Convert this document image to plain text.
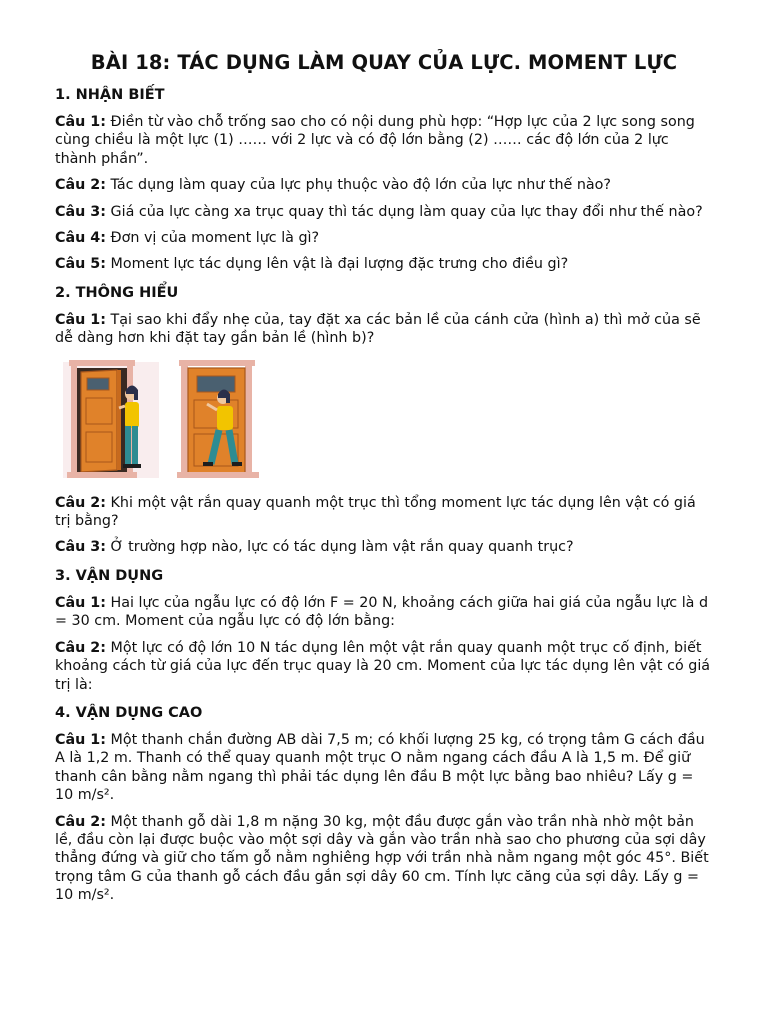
BÀI 18: TÁC DỤNG LÀM QUAY CỦA LỰC. MOMENT LỰC
1. NHẬN BIẾT

Câu 1: Điền từ vào chỗ trống sao cho có nội dung phù hợp: “Hợp lực của 2 lực song song cùng chiều là một lực (1) …… với 2 lực và có độ lớn bằng (2) …… các độ lớn của 2 lực thành phần”.

Câu 2: Tác dụng làm quay của lực phụ thuộc vào độ lớn của lực như thế nào?

Câu 3: Giá của lực càng xa trục quay thì tác dụng làm quay của lực thay đổi như thế nào?

Câu 4: Đơn vị của moment lực là gì?

Câu 5: Moment lực tác dụng lên vật là đại lượng đặc trưng cho điều gì?

2. THÔNG HIỂU

Câu 1: Tại sao khi đẩy nhẹ của, tay đặt xa các bản lề của cánh cửa (hình a) thì mở của sẽ dễ dàng hơn khi đặt tay gần bản lề (hình b)?

Câu 2: Khi một vật rắn quay quanh một trục thì tổng moment lực tác dụng lên vật có giá trị bằng?

Câu 3: Ở trường hợp nào, lực có tác dụng làm vật rắn quay quanh trục?

3. VẬN DỤNG

Câu 1: Hai lực của ngẫu lực có độ lớn F = 20 N, khoảng cách giữa hai giá của ngẫu lực là d = 30 cm. Moment của ngẫu lực có độ lớn bằng:

Câu 2: Một lực có độ lớn 10 N tác dụng lên một vật rắn quay quanh một trục cố định, biết khoảng cách từ giá của lực đến trục quay là 20 cm. Moment của lực tác dụng lên vật có giá trị là:

4. VẬN DỤNG CAO

Câu 1: Một thanh chắn đường AB dài 7,5 m; có khối lượng 25 kg, có trọng tâm G cách đầu A là 1,2 m. Thanh có thể quay quanh một trục O nằm ngang cách đầu A là 1,5 m. Để giữ thanh cân bằng nằm ngang thì phải tác dụng lên đầu B một lực bằng bao nhiêu? Lấy g = 10 m/s².

Câu 2: Một thanh gỗ dài 1,8 m nặng 30 kg, một đầu được gắn vào trần nhà nhờ một bản lề, đầu còn lại được buộc vào một sợi dây và gắn vào trần nhà sao cho phương của sợi dây thẳng đứng và giữ cho tấm gỗ nằm nghiêng hợp với trần nhà nằm ngang một góc 45°. Biết trọng tâm G của thanh gỗ cách đầu gắn sợi dây 60 cm. Tính lực căng của sợi dây. Lấy g = 10 m/s².
